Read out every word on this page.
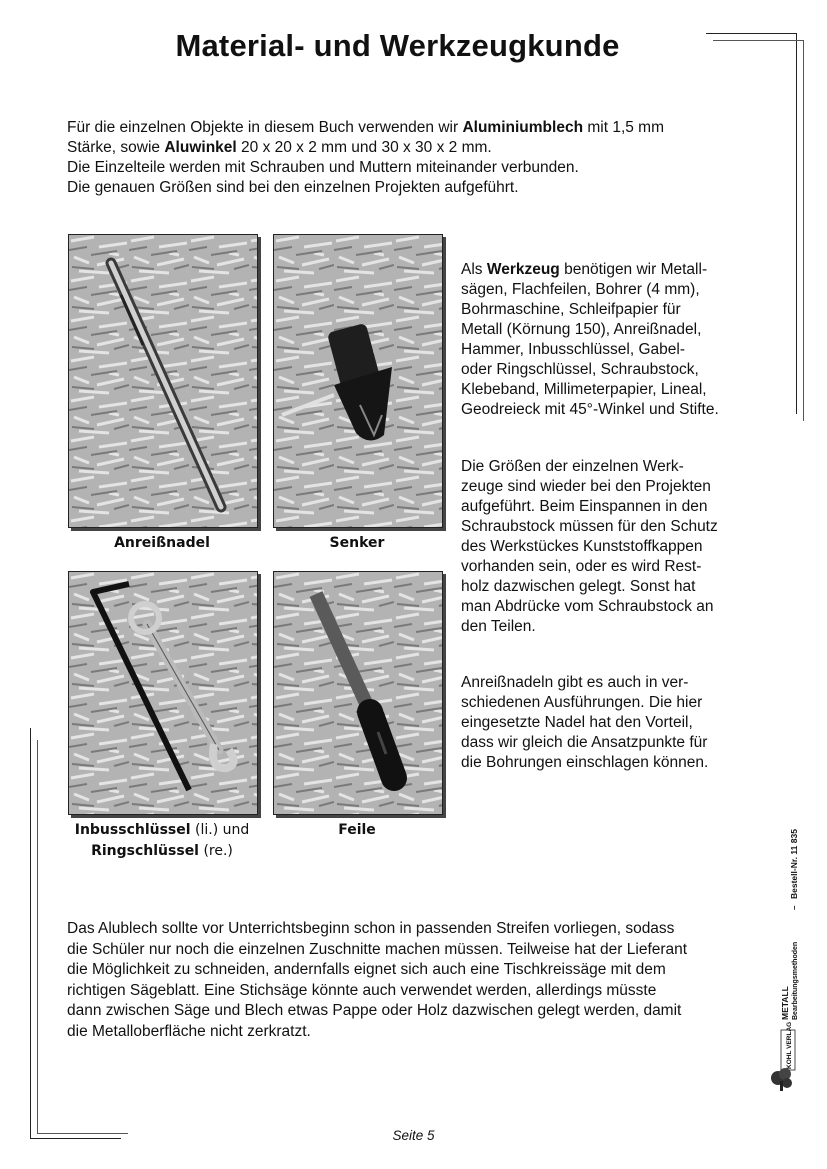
Material- und Werkzeugkunde

Für die einzelnen Objekte in diesem Buch verwenden wir Aluminiumblech mit 1,5 mm

Stärke, sowie Aluwinkel 20 x 20 x 2 mm und 30 x 30 x 2 mm.

Die Einzelteile werden mit Schrauben und Muttern miteinander verbunden.

Die genauen Größen sind bei den einzelnen Projekten aufgeführt.

Anreißnadel	Senker
Inbusschlüssel (li.) und
Ringschlüssel (re.)
Feile

Als Werkzeug benötigen wir Metall-

sägen, Flachfeilen, Bohrer (4 mm),

Bohrmaschine, Schleifpapier für

Metall (Körnung 150), Anreißnadel,

Hammer, Inbusschlüssel, Gabel-

oder Ringschlüssel, Schraubstock,

Klebeband, Millimeterpapier, Lineal,

Geodreieck mit 45°-Winkel und Stifte.

Die Größen der einzelnen Werk-

zeuge sind wieder bei den Projekten

aufgeführt. Beim Einspannen in den

Schraubstock müssen für den Schutz

des Werkstückes Kunststoffkappen

vorhanden sein, oder es wird Rest-

holz dazwischen gelegt. Sonst hat

man Abdrücke vom Schraubstock an

den Teilen.

Anreißnadeln gibt es auch in ver-

schiedenen Ausführungen. Die hier

eingesetzte Nadel hat den Vorteil,

dass wir gleich die Ansatzpunkte für

die Bohrungen einschlagen können.

Das Alublech sollte vor Unterrichtsbeginn schon in passenden Streifen vorliegen, sodass
die Schüler nur noch die einzelnen Zuschnitte machen müssen. Teilweise hat der Lieferant
die Möglichkeit zu schneiden, andernfalls eignet sich auch eine Tischkreissäge mit dem
richtigen Sägeblatt. Eine Stichsäge könnte auch verwendet werden, allerdings müsste
dann zwischen Säge und Blech etwas Pappe oder Holz dazwischen gelegt werden, damit
die Metalloberfläche nicht zerkratzt.
METALL Bearbeitungsmethoden
–
Bestell-Nr. 11 835
KOHL VERLAG
Seite 5
